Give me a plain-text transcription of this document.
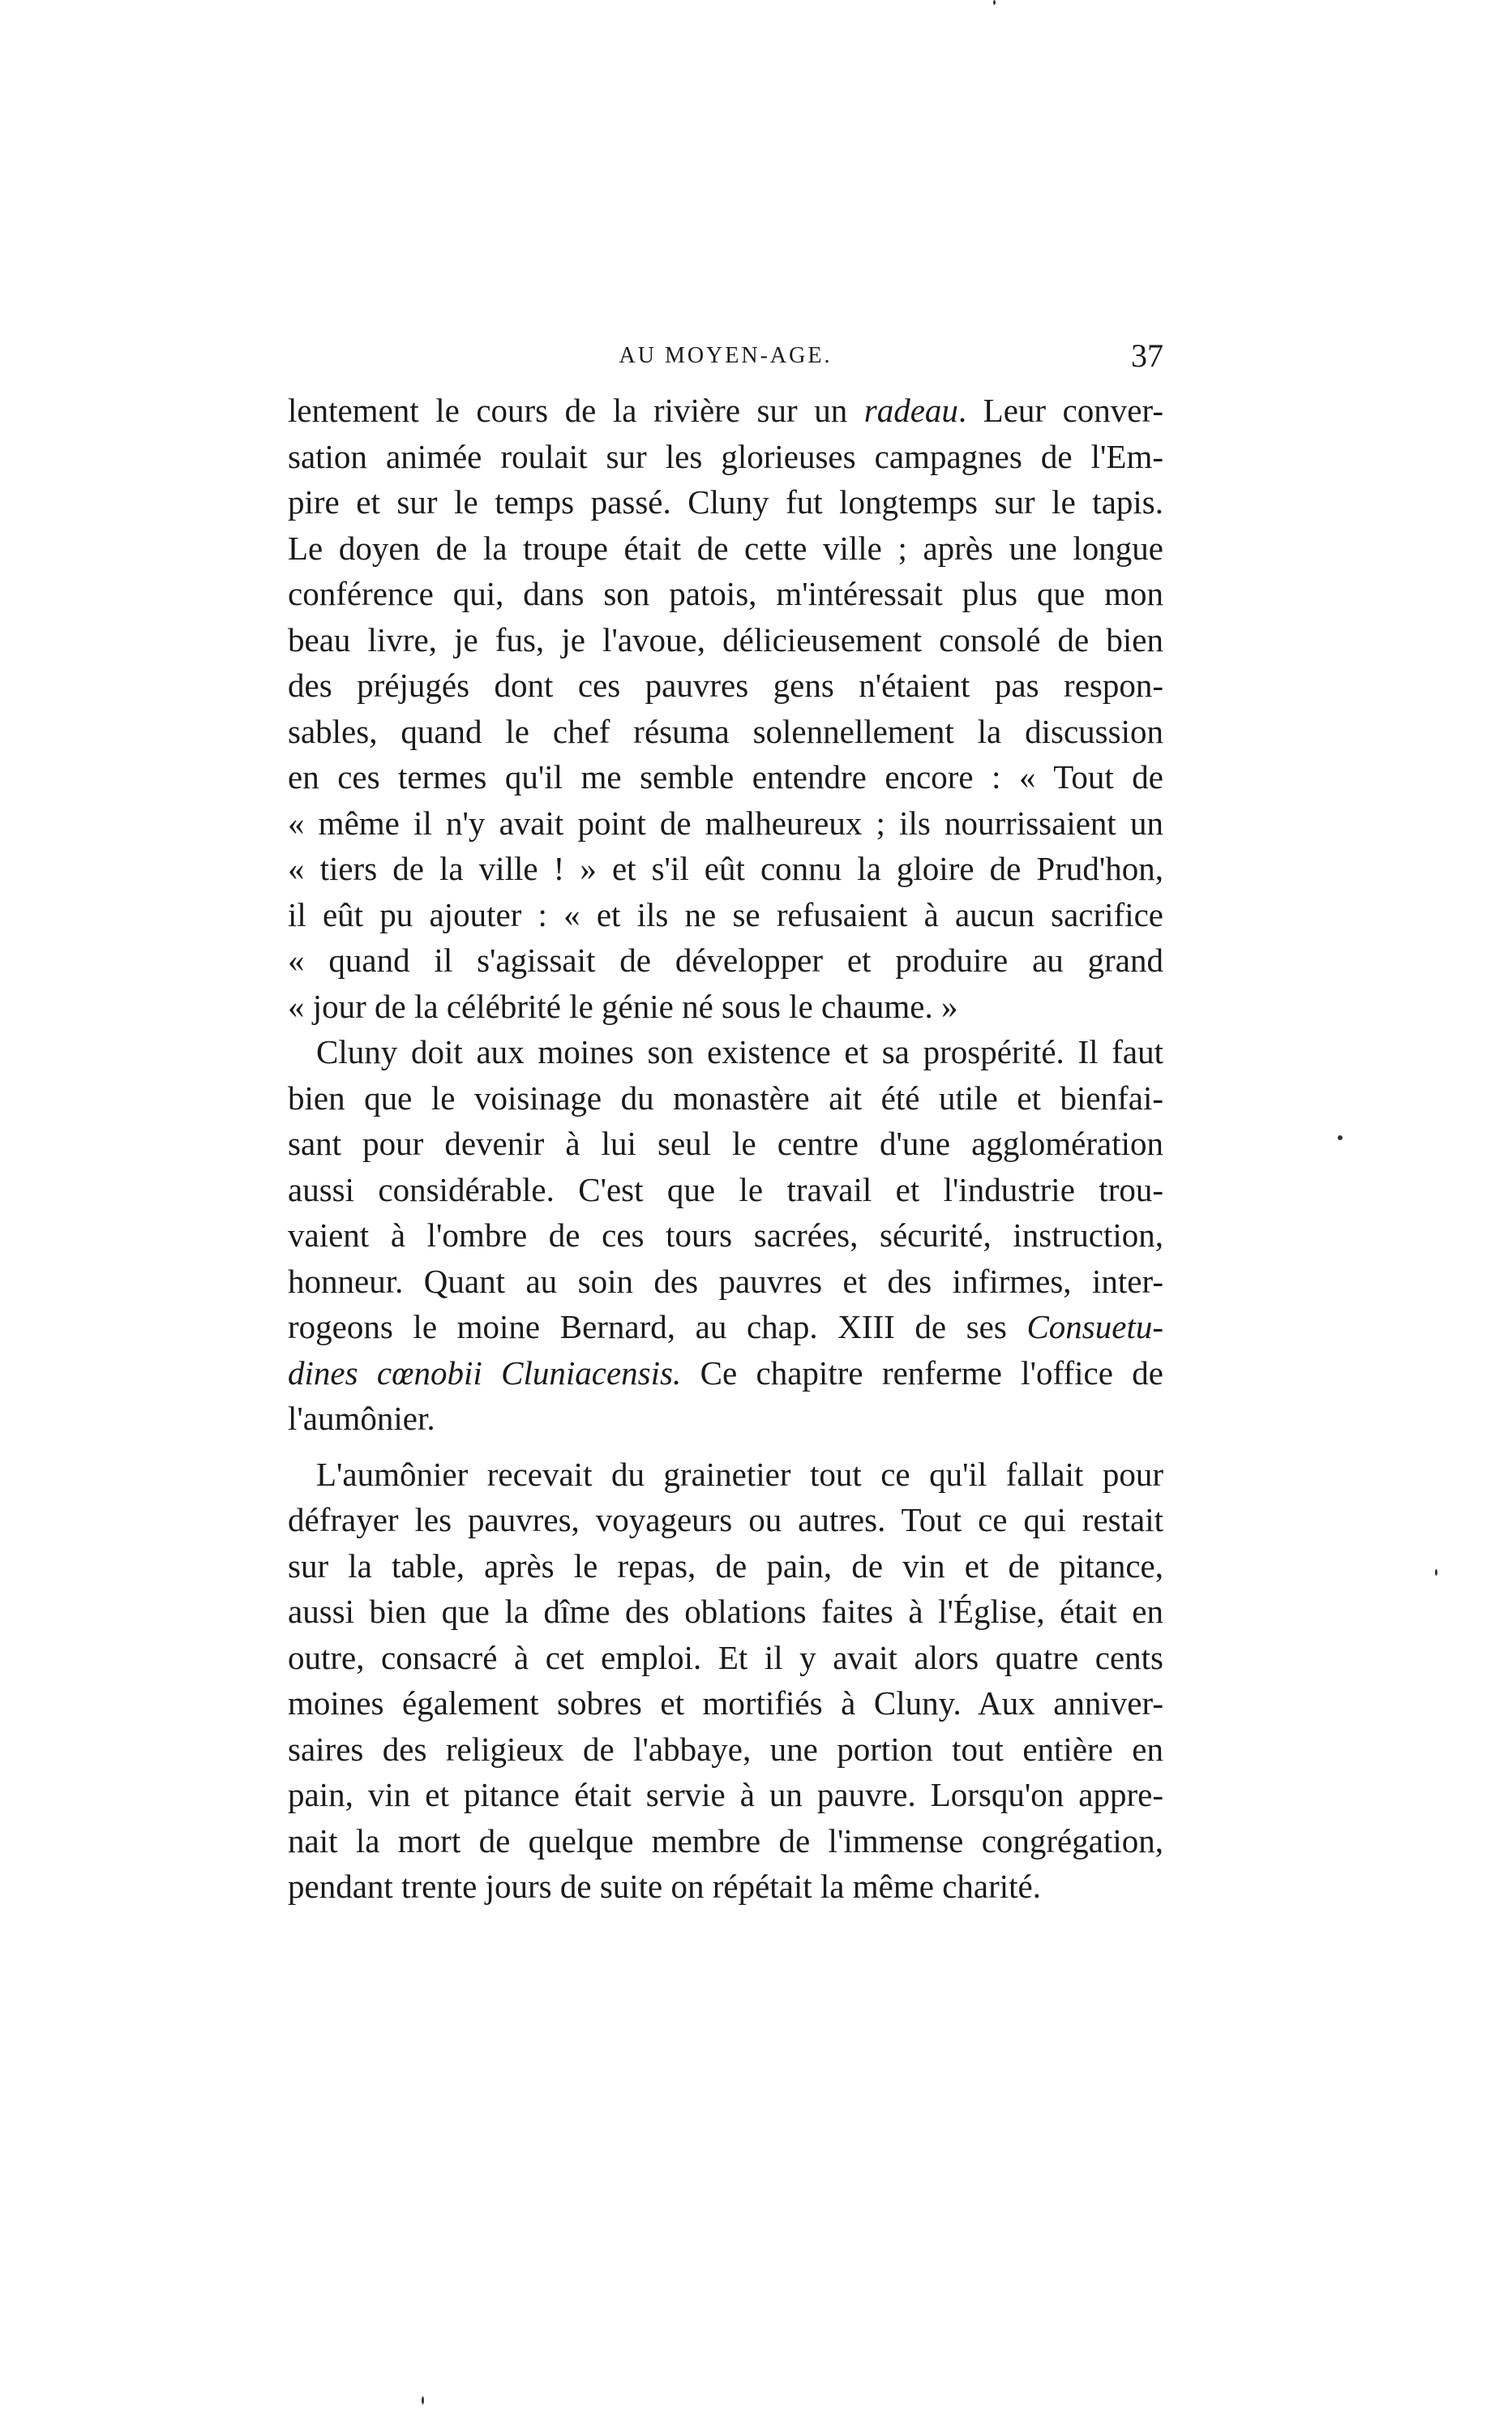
AU MOYEN-AGE.	37
lentement le cours de la rivière sur un radeau. Leur conver-
sation animée roulait sur les glorieuses campagnes de l'Em-
pire et sur le temps passé. Cluny fut longtemps sur le tapis.
Le doyen de la troupe était de cette ville ; après une longue
conférence qui, dans son patois, m'intéressait plus que mon
beau livre, je fus, je l'avoue, délicieusement consolé de bien
des préjugés dont ces pauvres gens n'étaient pas respon-
sables, quand le chef résuma solennellement la discussion
en ces termes qu'il me semble entendre encore : « Tout de
« même il n'y avait point de malheureux ; ils nourrissaient un
« tiers de la ville ! » et s'il eût connu la gloire de Prud'hon,
il eût pu ajouter : « et ils ne se refusaient à aucun sacrifice
« quand il s'agissait de développer et produire au grand
« jour de la célébrité le génie né sous le chaume. »
Cluny doit aux moines son existence et sa prospérité. Il faut
bien que le voisinage du monastère ait été utile et bienfai-
sant pour devenir à lui seul le centre d'une agglomération
aussi considérable. C'est que le travail et l'industrie trou-
vaient à l'ombre de ces tours sacrées, sécurité, instruction,
honneur. Quant au soin des pauvres et des infirmes, inter-
rogeons le moine Bernard, au chap. XIII de ses Consuetu-
dines cœnobii Cluniacensis. Ce chapitre renferme l'office de
l'aumônier.
L'aumônier recevait du grainetier tout ce qu'il fallait pour
défrayer les pauvres, voyageurs ou autres. Tout ce qui restait
sur la table, après le repas, de pain, de vin et de pitance,
aussi bien que la dîme des oblations faites à l'Église, était en
outre, consacré à cet emploi. Et il y avait alors quatre cents
moines également sobres et mortifiés à Cluny. Aux anniver-
saires des religieux de l'abbaye, une portion tout entière en
pain, vin et pitance était servie à un pauvre. Lorsqu'on appre-
nait la mort de quelque membre de l'immense congrégation,
pendant trente jours de suite on répétait la même charité.
